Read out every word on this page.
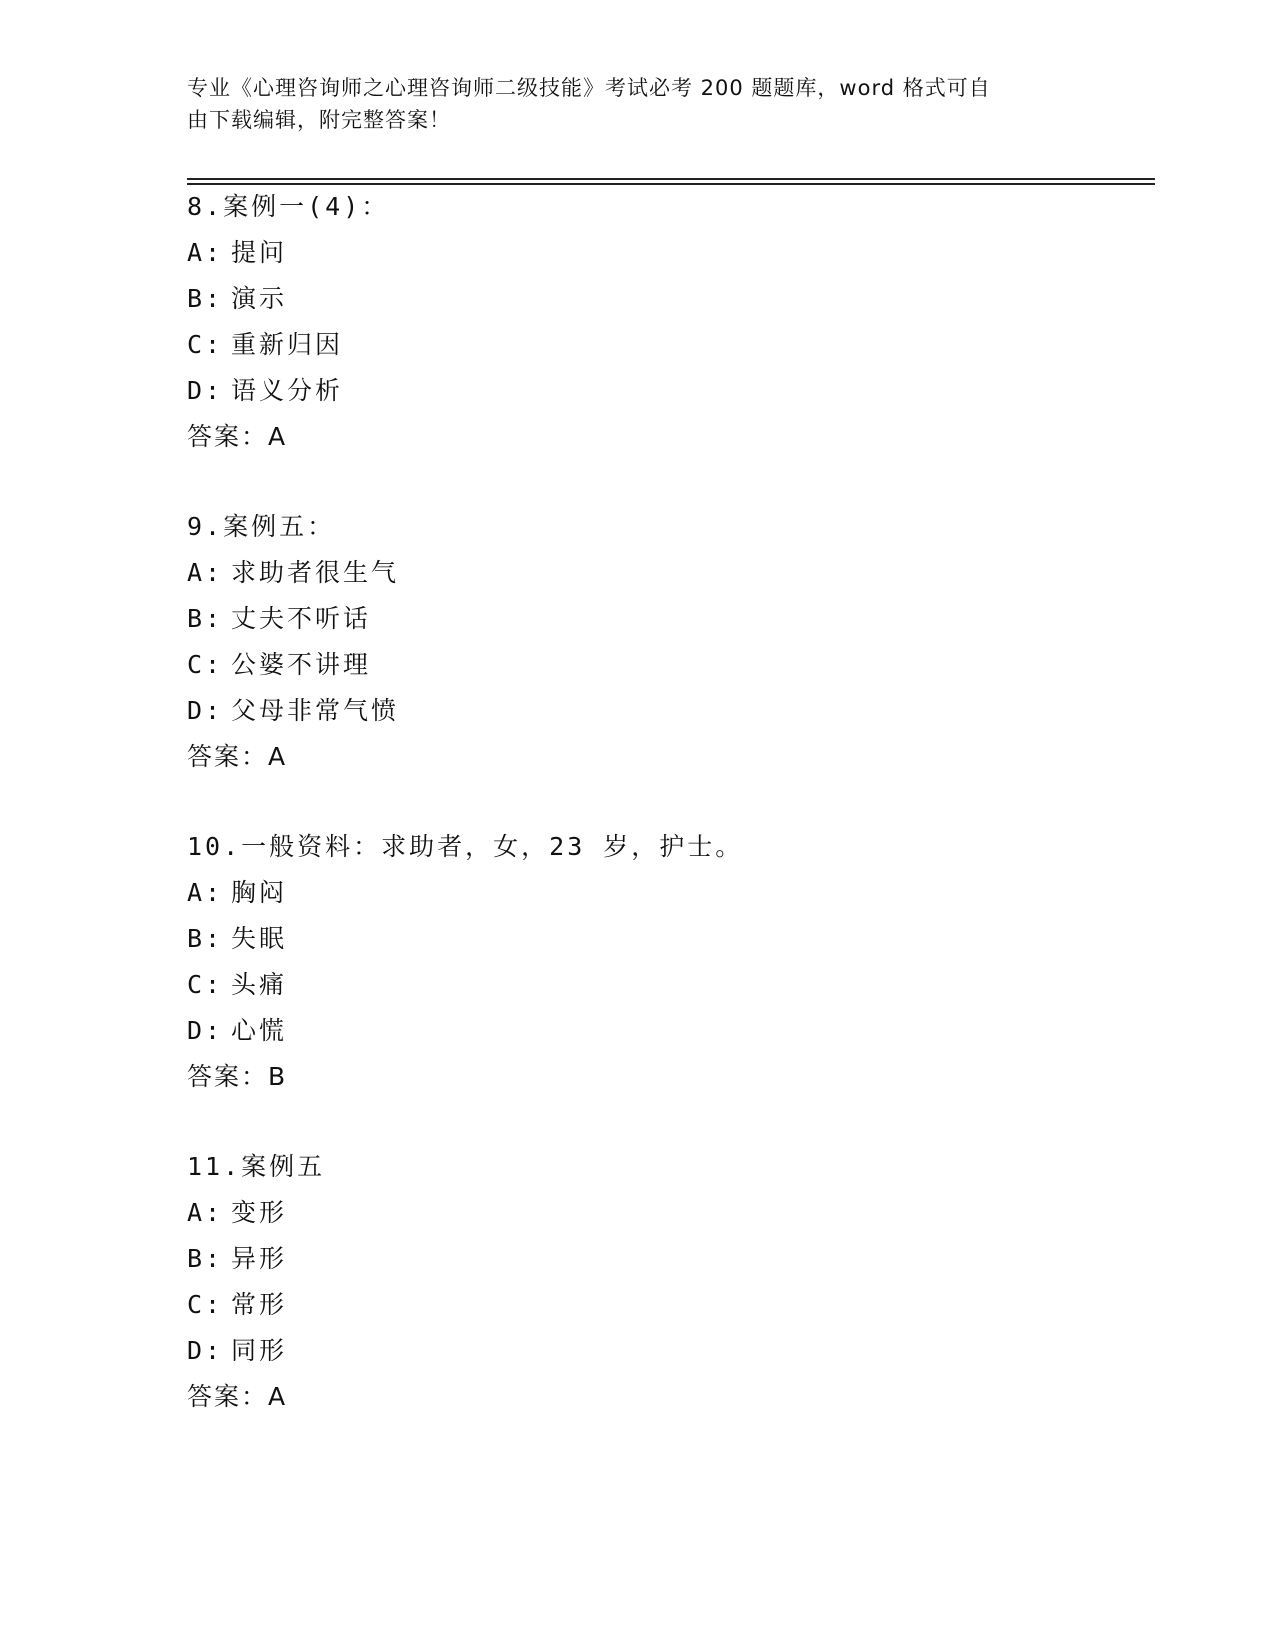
专业《心理咨询师之心理咨询师二级技能》考试必考 200 题题库，word 格式可自
由下载编辑，附完整答案！
8.案例一(4)：
A: 提问
B: 演示
C: 重新归因
D: 语义分析
答案：A
9.案例五：
A: 求助者很生气
B: 丈夫不听话
C: 公婆不讲理
D: 父母非常气愤
答案：A
10.一般资料：求助者，女，23 岁，护士。
A: 胸闷
B: 失眠
C: 头痛
D: 心慌
答案：B
11.案例五
A: 变形
B: 异形
C: 常形
D: 同形
答案：A
